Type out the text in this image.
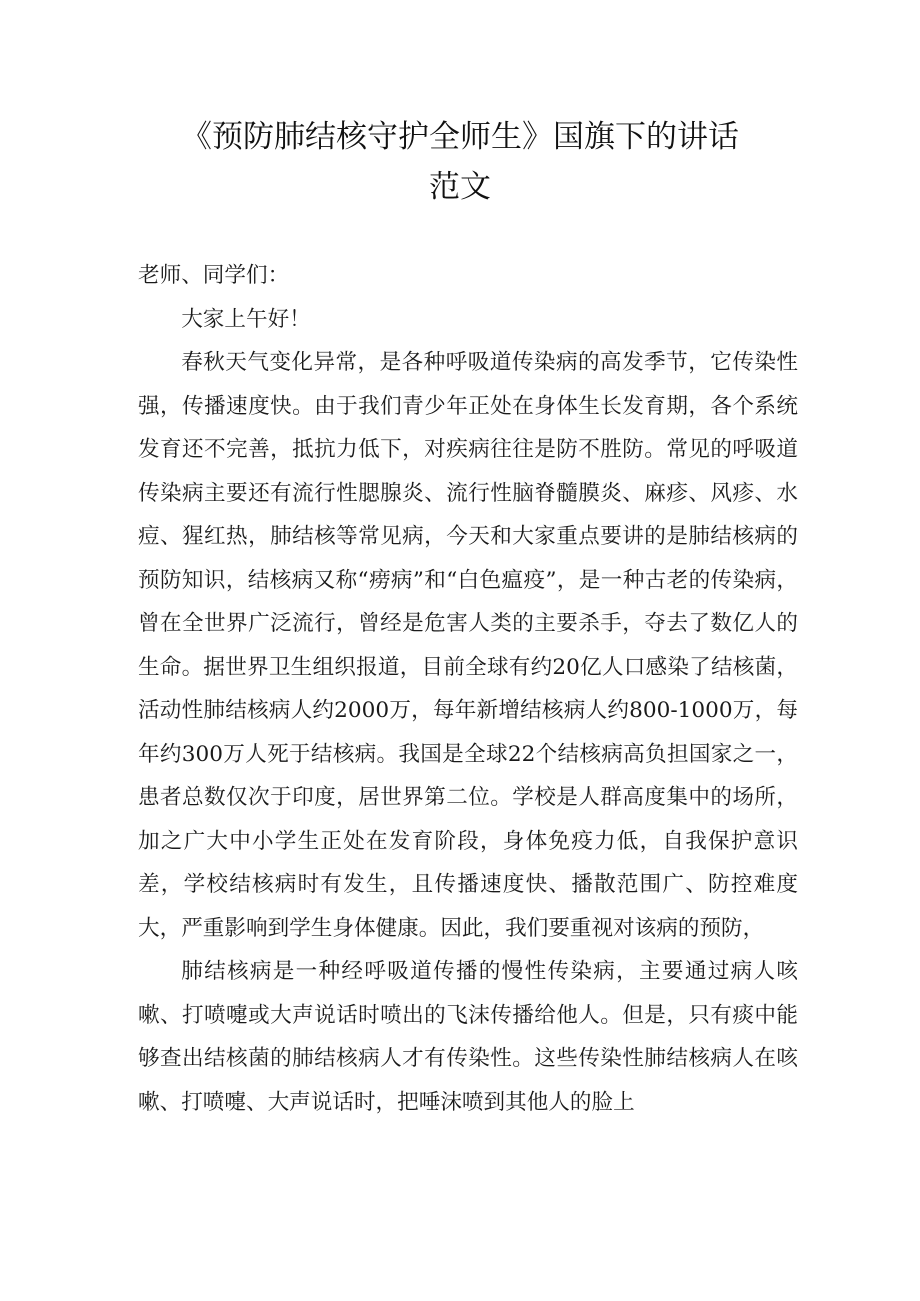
《预防肺结核守护全师生》国旗下的讲话
范文

老师、同学们：

大家上午好！

春秋天气变化异常，是各种呼吸道传染病的高发季节，它传染性强，传播速度快。由于我们青少年正处在身体生长发育期，各个系统发育还不完善，抵抗力低下，对疾病往往是防不胜防。常见的呼吸道传染病主要还有流行性腮腺炎、流行性脑脊髓膜炎、麻疹、风疹、水痘、猩红热，肺结核等常见病，今天和大家重点要讲的是肺结核病的预防知识，结核病又称“痨病”和“白色瘟疫”，是一种古老的传染病，曾在全世界广泛流行，曾经是危害人类的主要杀手，夺去了数亿人的生命。据世界卫生组织报道，目前全球有约20亿人口感染了结核菌，活动性肺结核病人约2000万，每年新增结核病人约800-1000万，每年约300万人死于结核病。我国是全球22个结核病高负担国家之一，患者总数仅次于印度，居世界第二位。学校是人群高度集中的场所，加之广大中小学生正处在发育阶段，身体免疫力低，自我保护意识差，学校结核病时有发生，且传播速度快、播散范围广、防控难度大，严重影响到学生身体健康。因此，我们要重视对该病的预防，

肺结核病是一种经呼吸道传播的慢性传染病，主要通过病人咳嗽、打喷嚏或大声说话时喷出的飞沫传播给他人。但是，只有痰中能够查出结核菌的肺结核病人才有传染性。这些传染性肺结核病人在咳嗽、打喷嚏、大声说话时，把唾沫喷到其他人的脸上
